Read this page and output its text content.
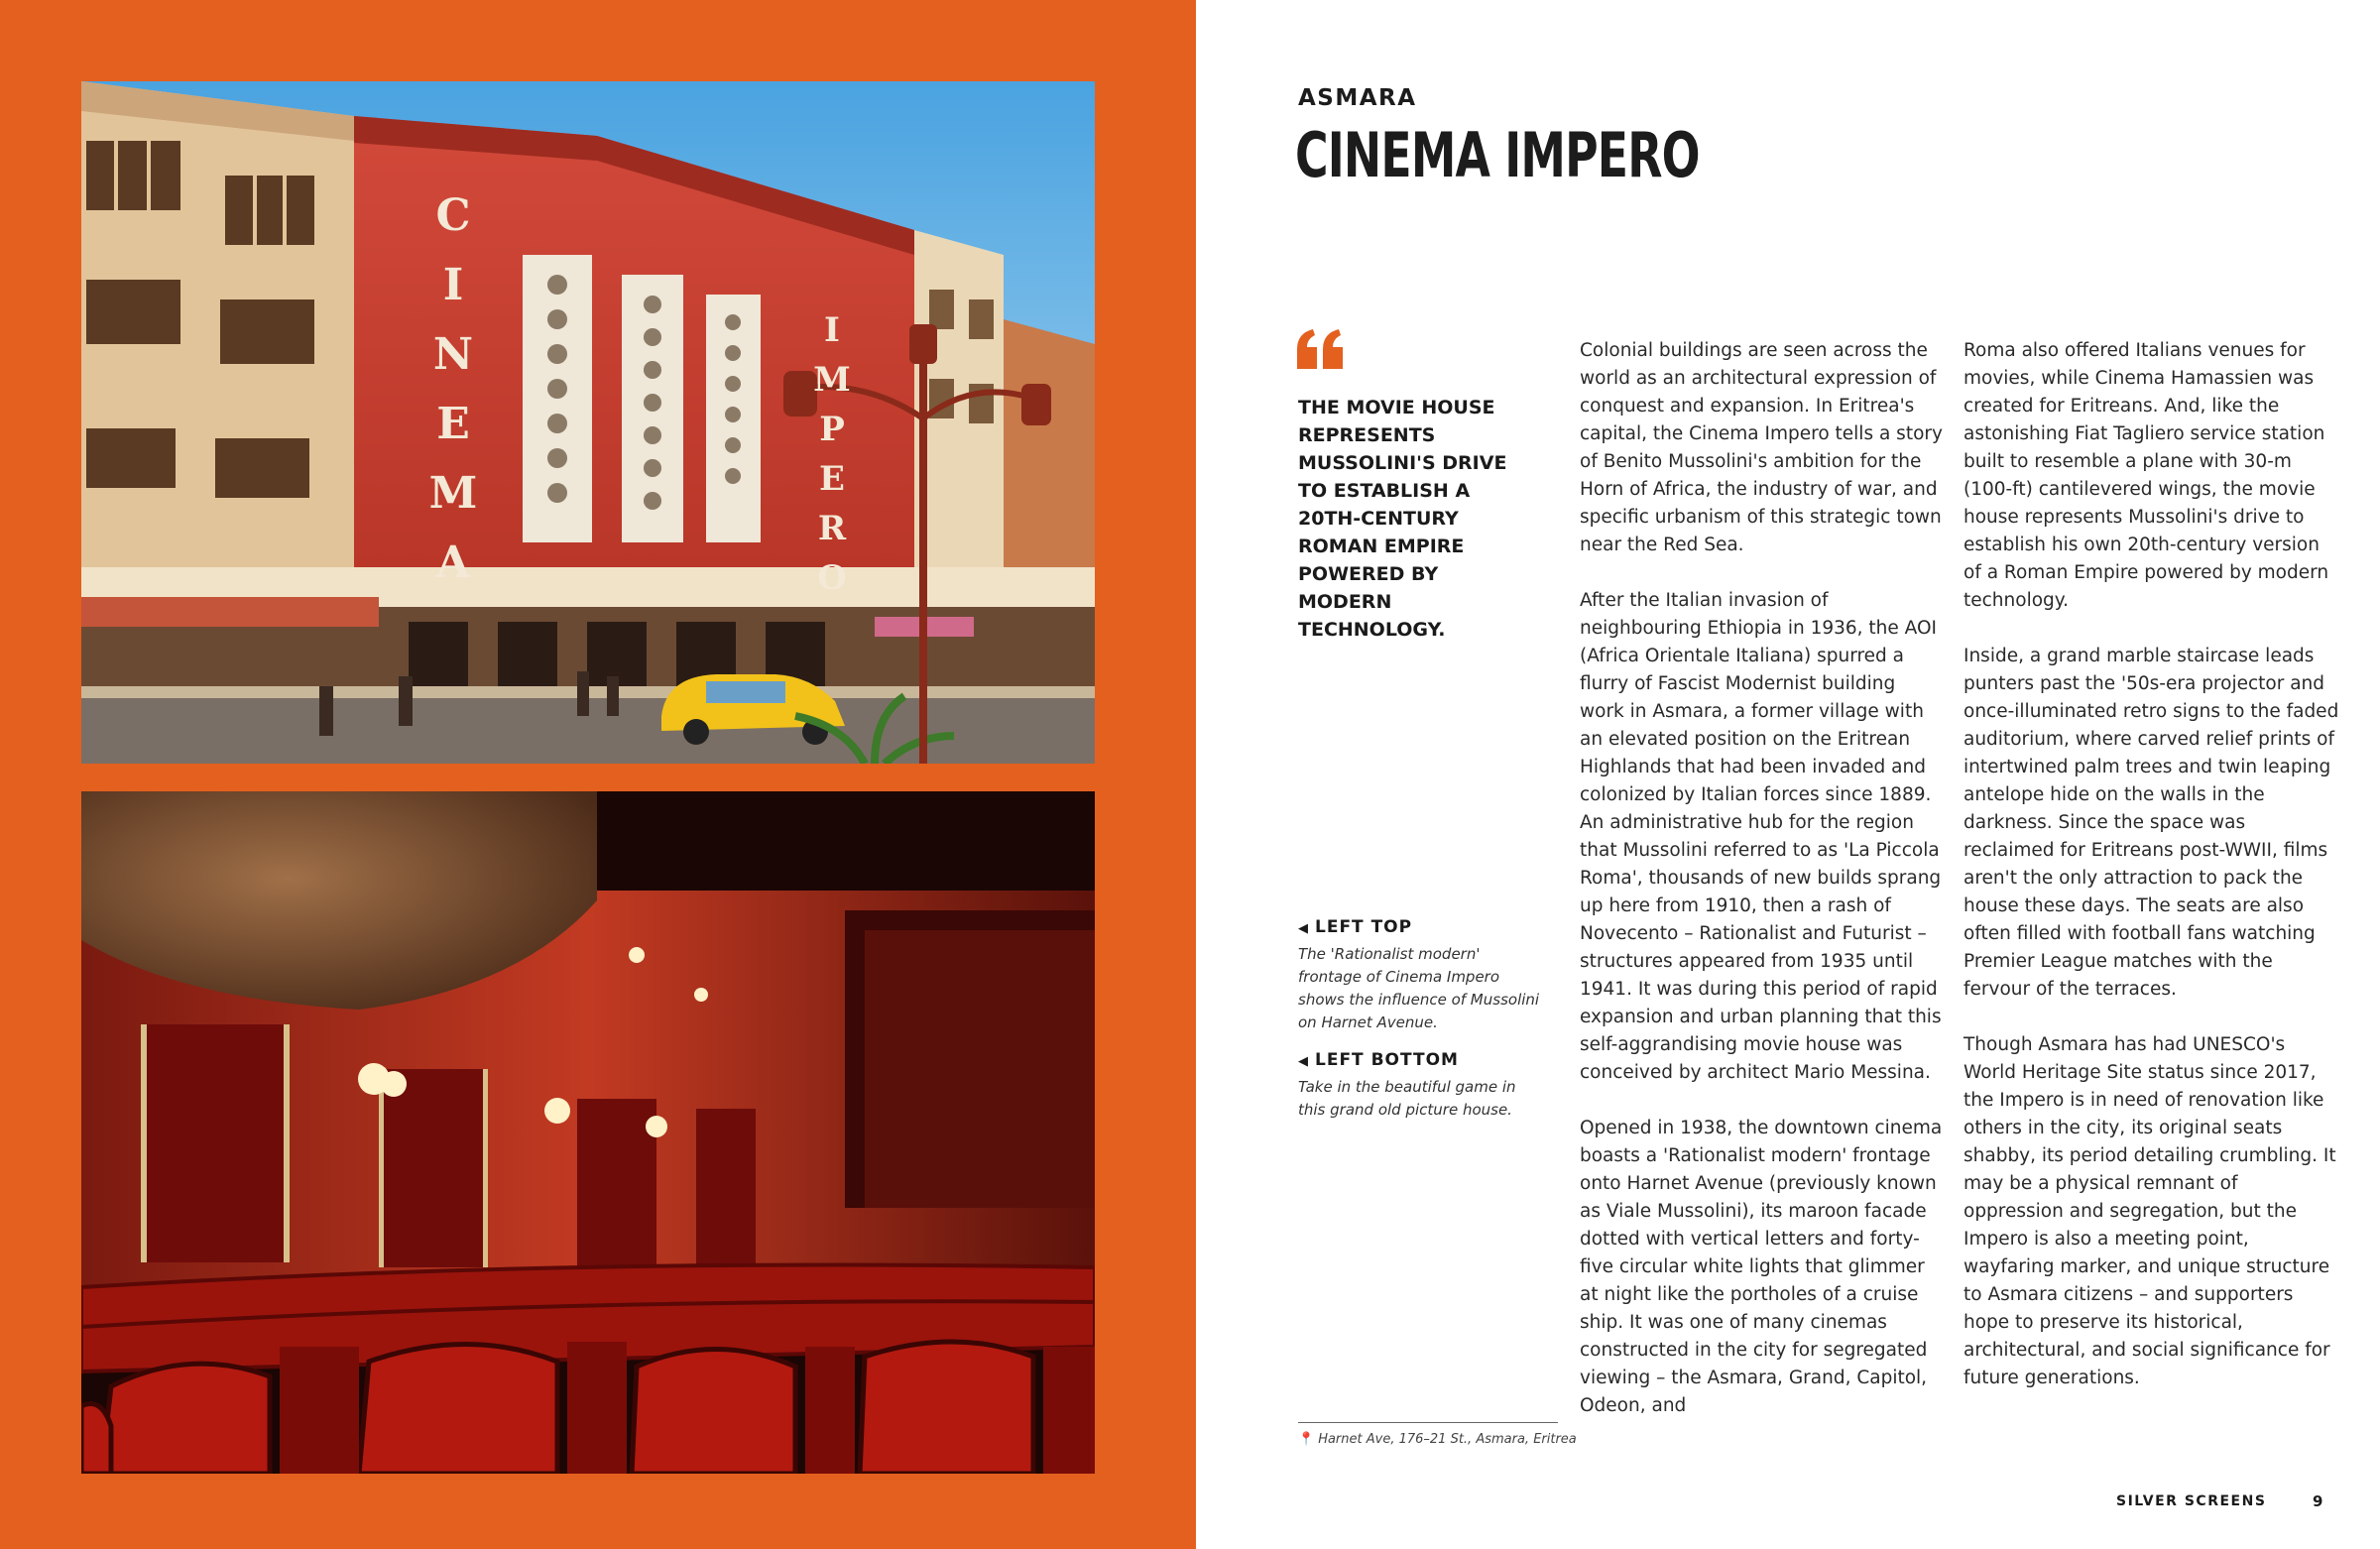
C
I
N
E
M
A
I
M
P
E
R
O
ASMARA
CINEMA IMPERO
THE MOVIE HOUSE REPRESENTS MUSSOLINI'S DRIVE TO ESTABLISH A 20TH-CENTURY ROMAN EMPIRE POWERED BY MODERN TECHNOLOGY.
◀ LEFT TOP
The 'Rationalist modern' frontage of Cinema Impero shows the influence of Mussolini on Harnet Avenue.
◀ LEFT BOTTOM
Take in the beautiful game in this grand old picture house.
📍 Harnet Ave, 176–21 St., Asmara, Eritrea

Colonial buildings are seen across the world as an architectural expression of conquest and expansion. In Eritrea's capital, the Cinema Impero tells a story of Benito Mussolini's ambition for the Horn of Africa, the industry of war, and specific urbanism of this strategic town near the Red Sea.

After the Italian invasion of neighbouring Ethiopia in 1936, the AOI (Africa Orientale Italiana) spurred a flurry of Fascist Modernist building work in Asmara, a former village with an elevated position on the Eritrean Highlands that had been invaded and colonized by Italian forces since 1889. An administrative hub for the region that Mussolini referred to as 'La Piccola Roma', thousands of new builds sprang up here from 1910, then a rash of Novecento – Rationalist and Futurist – structures appeared from 1935 until 1941. It was during this period of rapid expansion and urban planning that this self-aggrandising movie house was conceived by architect Mario Messina.

Opened in 1938, the downtown cinema boasts a 'Rationalist modern' frontage onto Harnet Avenue (previously known as Viale Mussolini), its maroon facade dotted with vertical letters and forty-five circular white lights that glimmer at night like the portholes of a cruise ship. It was one of many cinemas constructed in the city for segregated viewing – the Asmara, Grand, Capitol, Odeon, and

Roma also offered Italians venues for movies, while Cinema Hamassien was created for Eritreans. And, like the astonishing Fiat Tagliero service station built to resemble a plane with 30-m (100-ft) cantilevered wings, the movie house represents Mussolini's drive to establish his own 20th-century version of a Roman Empire powered by modern technology.

Inside, a grand marble staircase leads punters past the '50s-era projector and once-illuminated retro signs to the faded auditorium, where carved relief prints of intertwined palm trees and twin leaping antelope hide on the walls in the darkness. Since the space was reclaimed for Eritreans post-WWII, films aren't the only attraction to pack the house these days. The seats are also often filled with football fans watching Premier League matches with the fervour of the terraces.

Though Asmara has had UNESCO's World Heritage Site status since 2017, the Impero is in need of renovation like others in the city, its original seats shabby, its period detailing crumbling. It may be a physical remnant of oppression and segregation, but the Impero is also a meeting point, wayfaring marker, and unique structure to Asmara citizens – and supporters hope to preserve its historical, architectural, and social significance for future generations.

SILVER SCREENS	9
